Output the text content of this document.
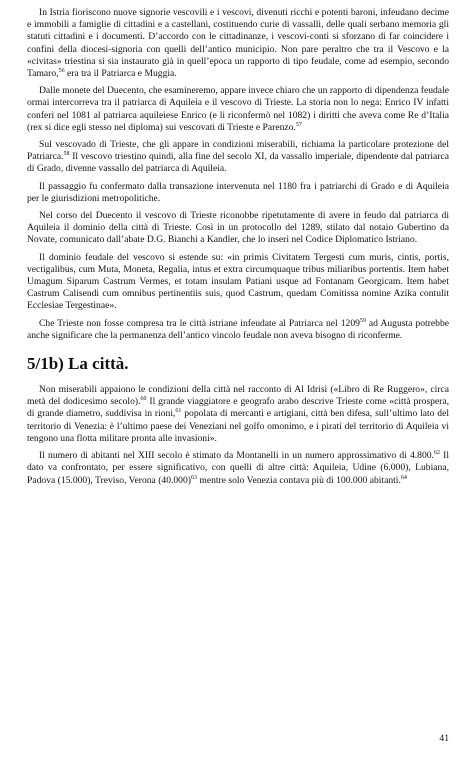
In Istria fioriscono nuove signorie vescovili e i vescovi, divenuti ricchi e potenti baroni, infeudano decime e immobili a famiglie di cittadini e a castellani, costituendo curie di vassalli, delle quali serbano memoria gli statuti cittadini e i documenti. D’accordo con le cittadinanze, i vescovi-conti si sforzano di far coincidere i confini della diocesi-signoria con quelli dell’antico municipio. Non pare peraltro che tra il Vescovo e la «civitas» triestina si sia instaurato già in quell’epoca un rapporto di tipo feudale, come ad esempio, secondo Tamaro,$^{56}$ era tra il Patriarca e Muggia.

Dalle monete del Duecento, che esamineremo, appare invece chiaro che un rapporto di dipendenza feudale ormai intercorreva tra il patriarca di Aquileia e il vescovo di Trieste. La storia non lo nega: Enrico IV infatti conferì nel 1081 al patriarca aquileiese Enrico (e li riconfermò nel 1082) i diritti che aveva come Re d’Italia (rex si dice egli stesso nel diploma) sui vescovati di Trieste e Parenzo.$^{57}$

Sul vescovado di Trieste, che gli appare in condizioni miserabili, richiama la particolare protezione del Patriarca.$^{58}$ Il vescovo triestino quindi, alla fine del secolo XI, da vassallo imperiale, dipendente dal patriarca di Grado, divenne vassallo del patriarca di Aquileia.

Il passaggio fu confermato dalla transazione intervenuta nel 1180 fra i patriarchi di Grado e di Aquileia per le giurisdizioni metropolitiche.

Nel corso del Duecento il vescovo di Trieste riconobbe ripetutamente di avere in feudo dal patriarca di Aquileia il dominio della città di Trieste. Così in un protocollo del 1289, stilato dal notaio Gubertino da Novate, comunicato dall’abate D.G. Bianchi a Kandler, che lo inserì nel Codice Diplomatico Istriano.

Il dominio feudale del vescovo si estende su: «in primis Civitatem Tergesti cum muris, cintis, portis, vectigalibus, cum Muta, Moneta, Regalia, intus et extra circumquaque tribus miliaribus portentis. Item habet Umagum Siparum Castrum Vermes, et totam insulam Patiani usque ad Fontanam Georgicam. Item habet Castrum Calisendi cum omnibus pertinentiis suis, quod Castrum, quedam Comitissa nomine Azika contulit Ecclesiae Tergestinae».

Che Trieste non fosse compresa tra le città istriane infeudate al Patriarca nel 1209$^{59}$ ad Augusta potrebbe anche significare che la permanenza dell’antico vincolo feudale non aveva bisogno di riconferme.

5/1b) La città.

Non miserabili appaiono le condizioni della città nel racconto di Al Idrisi («Libro di Re Ruggero», circa metà del dodicesimo secolo).$^{60}$ Il grande viaggiatore e geografo arabo descrive Trieste come «città prospera, di grande diametro, suddivisa in rioni,$^{61}$ popolata di mercanti e artigiani, città ben difesa, sull’ultimo lato del territorio di Venezia: è l’ultimo paese dei Veneziani nel golfo omonimo, e i pirati del territorio di Aquileia vi tengono una flotta militare pronta alle invasioni».

Il numero di abitanti nel XIII secolo è stimato da Montanelli in un numero approssimativo di 4.800.62 Il dato va confrontato, per essere significativo, con quelli di altre città: Aquileia, Udine (6.000), Lubiana, Padova (15.000), Treviso, Verona $(40.000)^{63}$ mentre solo Venezia contava più di 100.000 abitanti.$^{64}$

41
